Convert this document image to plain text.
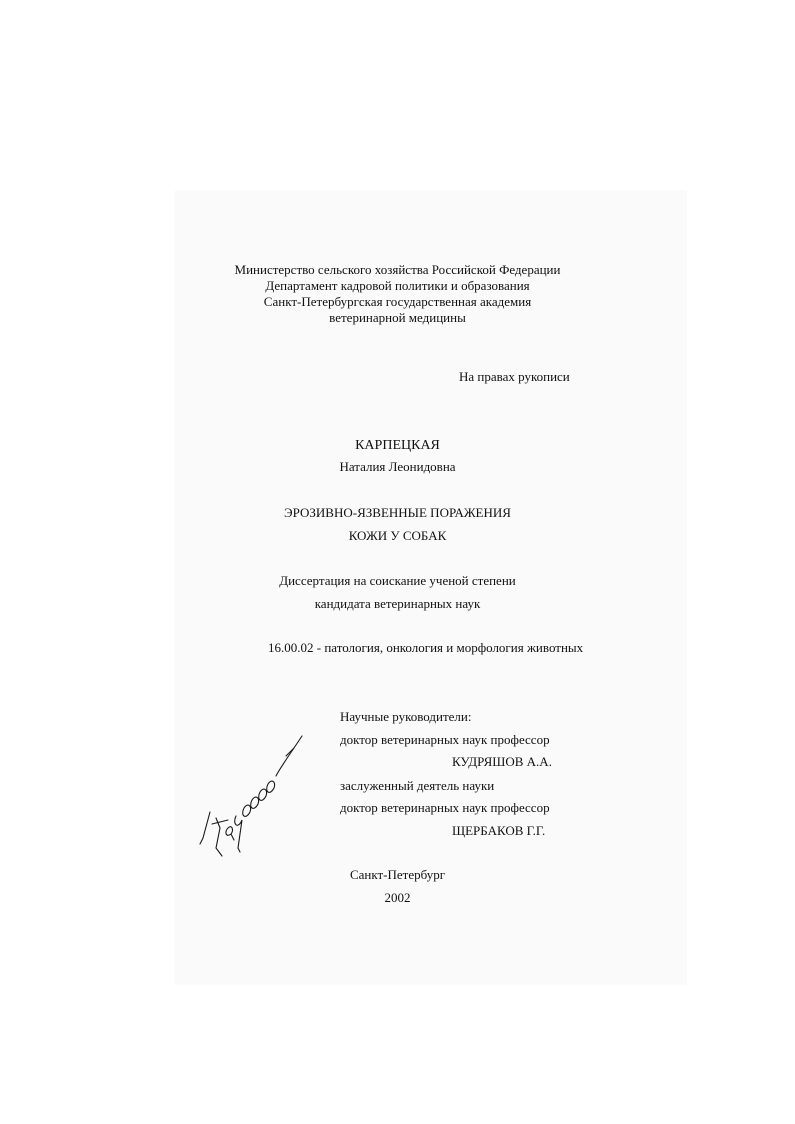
Министерство сельского хозяйства Российской Федерации
Департамент кадровой политики и образования
Санкт-Петербургская государственная академия
ветеринарной медицины
На правах рукописи
КАРПЕЦКАЯ
Наталия Леонидовна
ЭРОЗИВНО-ЯЗВЕННЫЕ ПОРАЖЕНИЯ
КОЖИ У СОБАК
Диссертация на соискание ученой степени
кандидата ветеринарных наук
16.00.02 - патология, онкология и морфология животных
Научные руководители:
доктор ветеринарных наук профессор
КУДРЯШОВ А.А.
заслуженный деятель науки
доктор ветеринарных наук профессор
ЩЕРБАКОВ Г.Г.
Санкт-Петербург
2002
